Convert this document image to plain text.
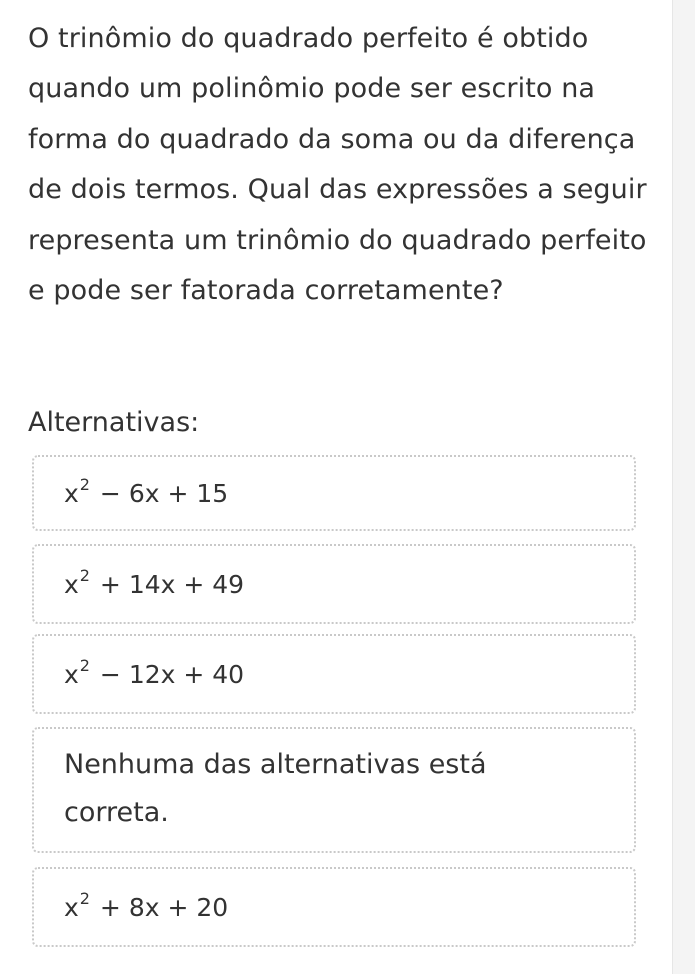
O trinômio do quadrado perfeito é obtido quando um polinômio pode ser escrito na forma do quadrado da soma ou da diferença de dois termos. Qual das expressões a seguir representa um trinômio do quadrado perfeito e pode ser fatorada corretamente?

Alternativas:

$x^2 - 6x + 15$
$x^2 + 14x + 49$
$x^2 - 12x + 40$
Nenhuma das alternativas está correta.
$x^2 + 8x + 20$
